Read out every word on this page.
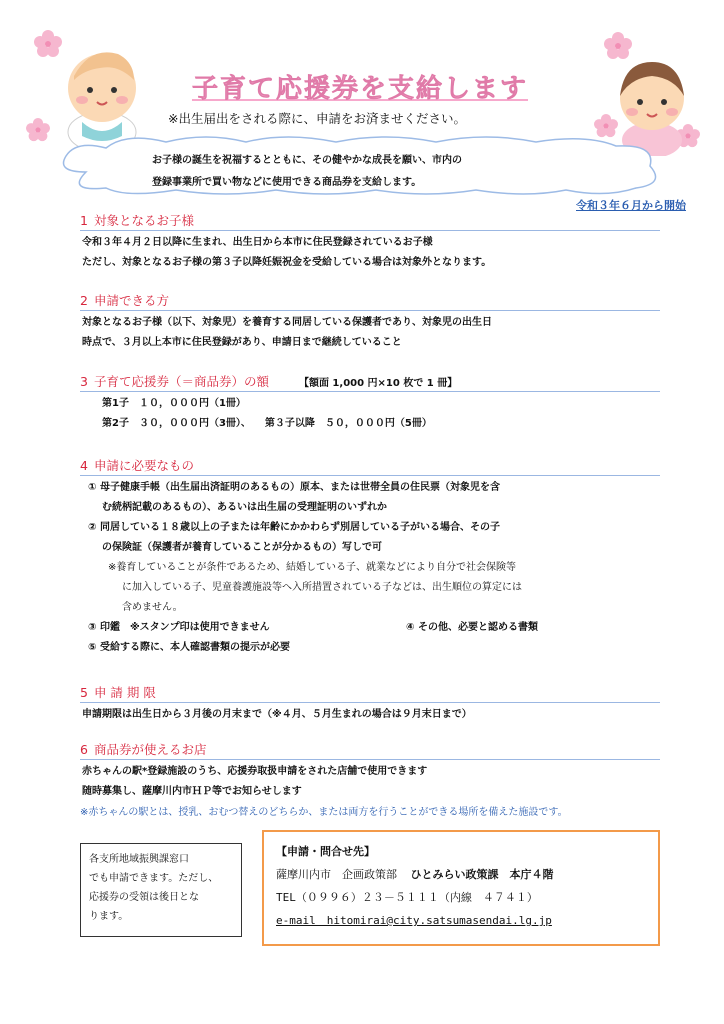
子育て応援券を支給します
※出生届出をされる際に、申請をお済ませください。
お子様の誕生を祝福するとともに、その健やかな成長を願い、市内の
登録事業所で買い物などに使用できる商品券を支給します。
令和３年６月から開始
1 対象となるお子様
令和３年４月２日以降に生まれ、出生日から本市に住民登録されているお子様
ただし、対象となるお子様の第３子以降妊娠祝金を受給している場合は対象外となります。
2 申請できる方
対象となるお子様（以下、対象児）を養育する同居している保護者であり、対象児の出生日
時点で、３月以上本市に住民登録があり、申請日まで継続していること
3 子育て応援券（＝商品券）の額	【額面 1,000 円×10 枚で 1 冊】
第1子　１０，０００円（1冊）
第2子　３０，０００円（3冊）、 第３子以降　５０，０００円（5冊）
4 申請に必要なもの
① 母子健康手帳（出生届出済証明のあるもの）原本、または世帯全員の住民票（対象児を含
む続柄記載のあるもの）、あるいは出生届の受理証明のいずれか
② 同居している１８歳以上の子または年齢にかかわらず別居している子がいる場合、その子
の保険証（保護者が養育していることが分かるもの）写しで可
※養育していることが条件であるため、結婚している子、就業などにより自分で社会保険等
に加入している子、児童養護施設等へ入所措置されている子などは、出生順位の算定には
含めません。
③ 印鑑　※スタンプ印は使用できません	④ その他、必要と認める書類
⑤ 受給する際に、本人確認書類の提示が必要
5 申 請 期 限
申請期限は出生日から３月後の月末まで（※４月、５月生まれの場合は９月末日まで）
6 商品券が使えるお店
赤ちゃんの駅*登録施設のうち、応援券取扱申請をされた店舗で使用できます
随時募集し、薩摩川内市ＨＰ等でお知らせします
※赤ちゃんの駅とは、授乳、おむつ替えのどちらか、または両方を行うことができる場所を備えた施設です。
各支所地域振興課窓口
でも申請できます。ただし、
応援券の受領は後日とな
ります。
【申請・問合せ先】
薩摩川内市　企画政策部 ひとみらい政策課　本庁４階
TEL（０９９６）２３－５１１１（内線　４７４１）
e-mail　hitomirai@city.satsumasendai.lg.jp
